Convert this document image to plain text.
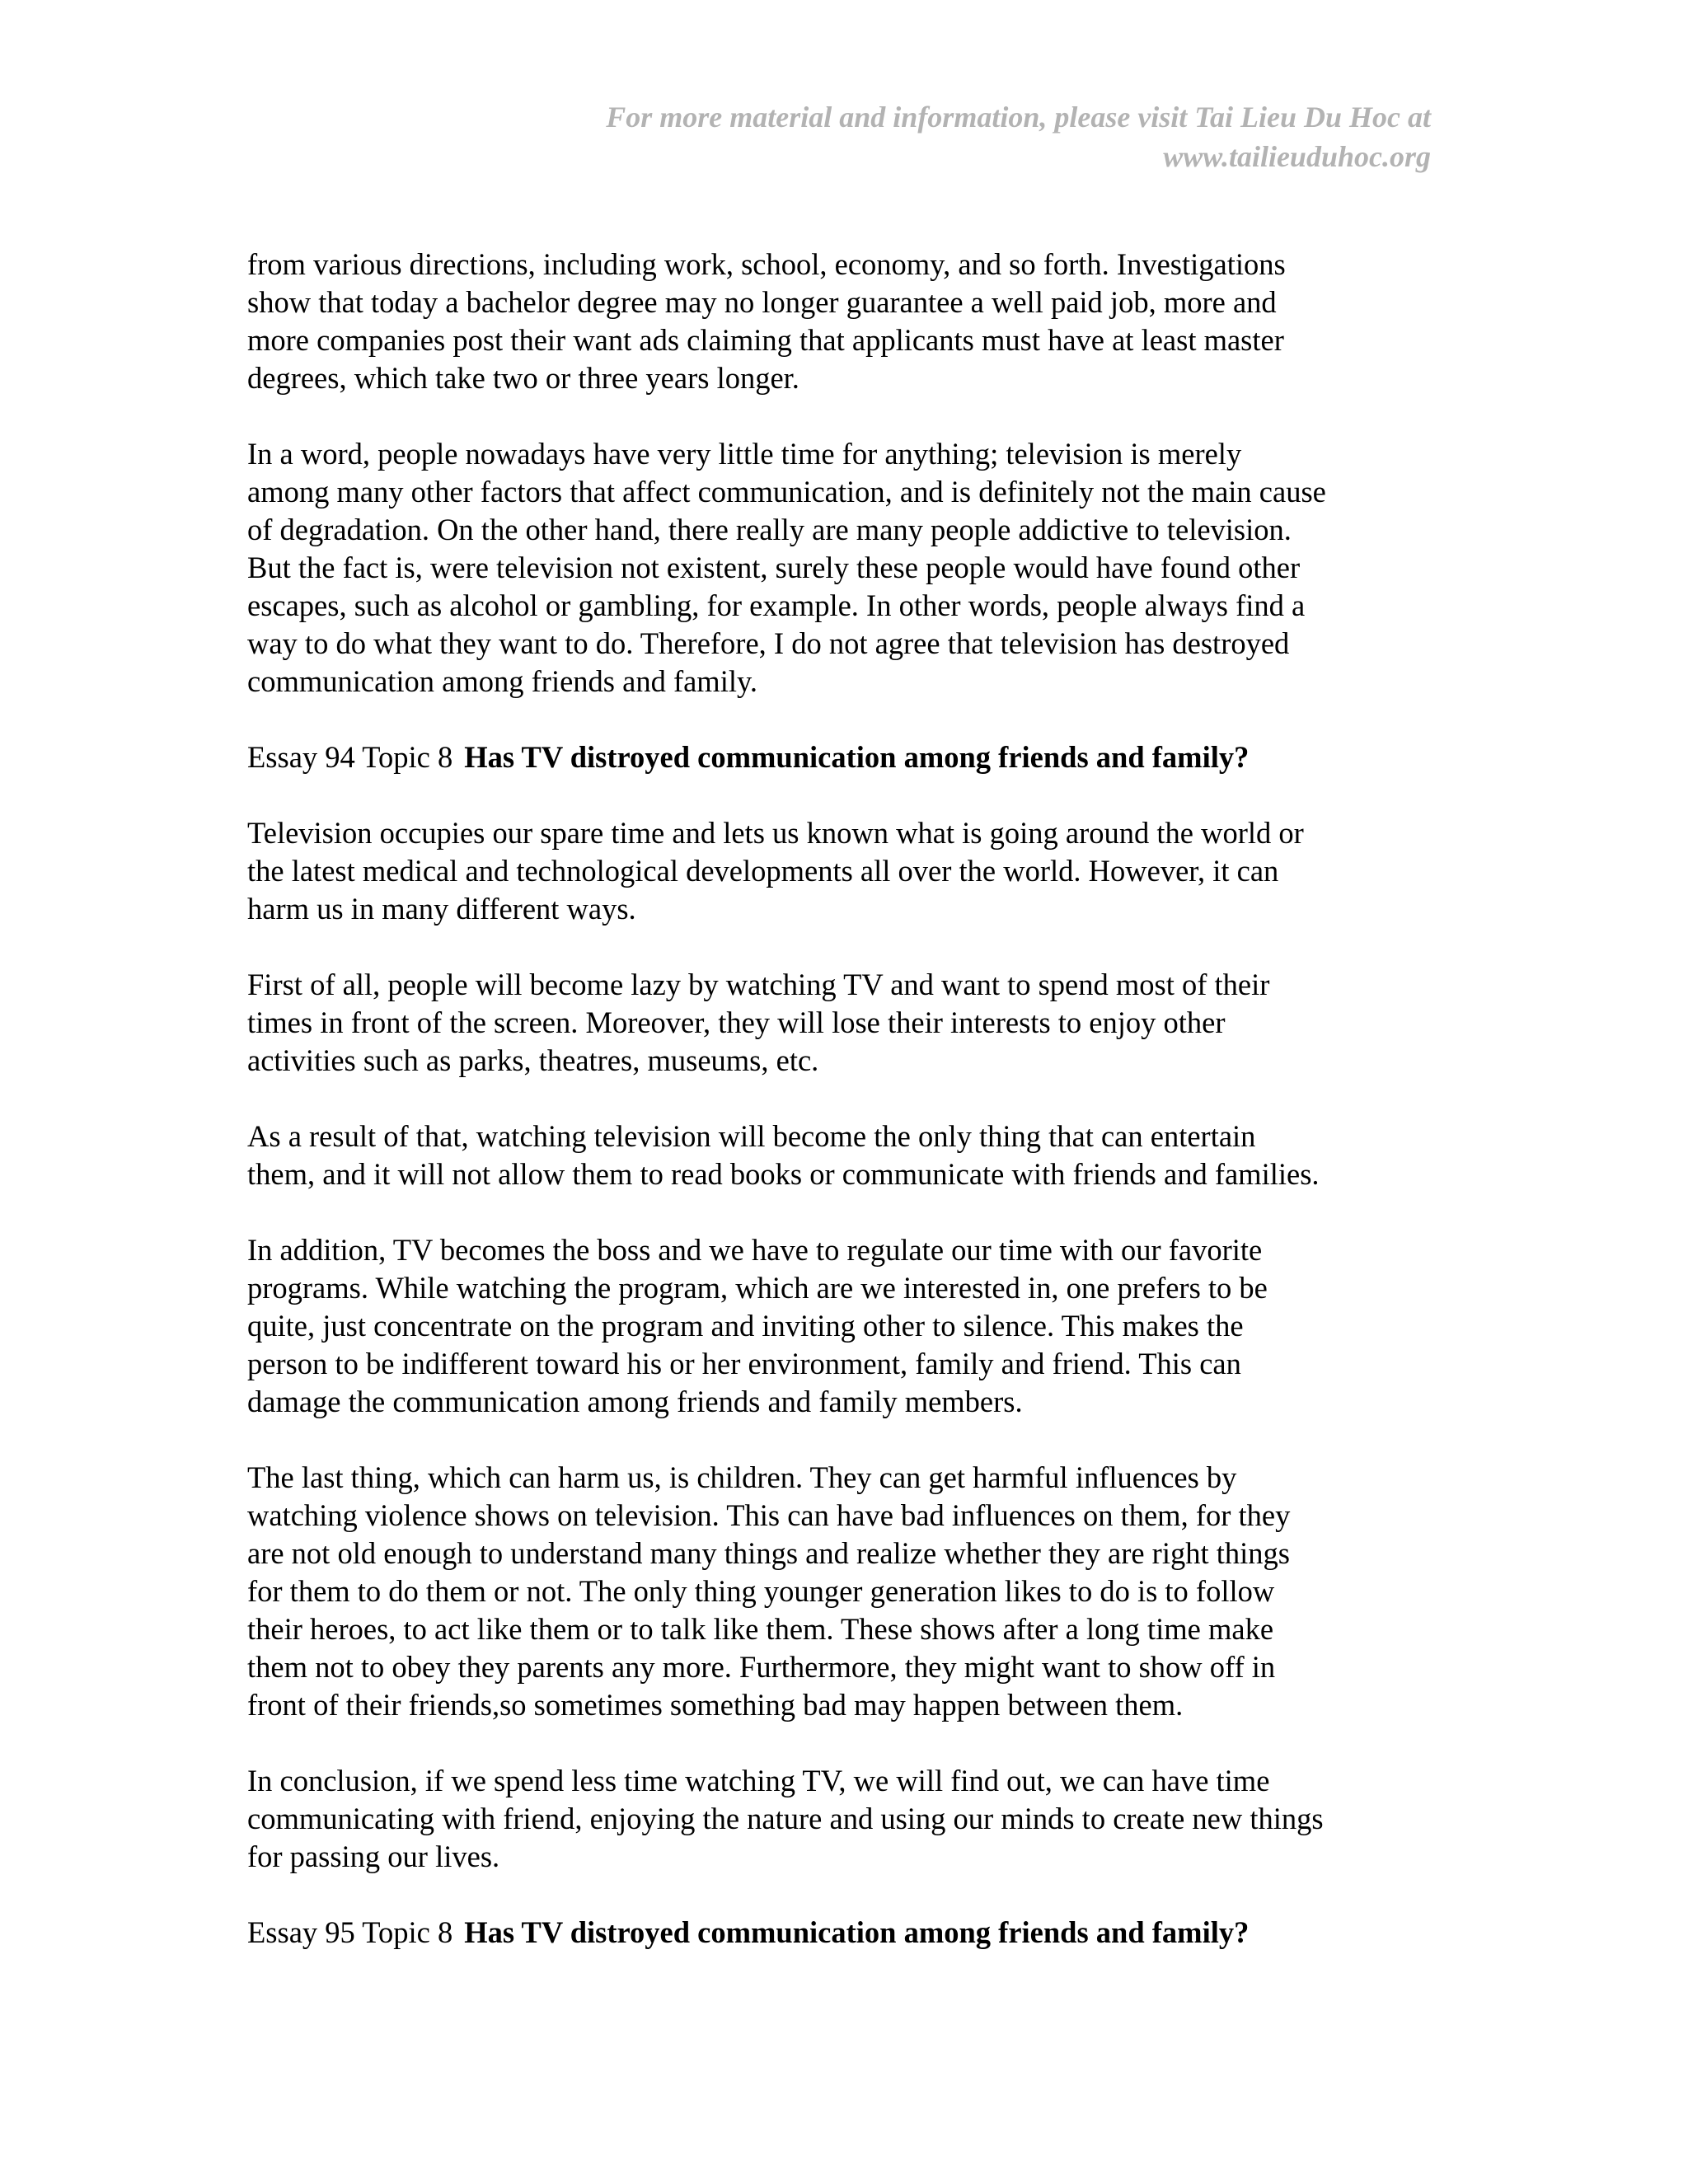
For more material and information, please visit Tai Lieu Du Hoc at
www.tailieuduhoc.org
from various directions, including work, school, economy, and so forth. Investigations
show that today a bachelor degree may no longer guarantee a well paid job, more and
more companies post their want ads claiming that applicants must have at least master
degrees, which take two or three years longer.
In a word, people nowadays have very little time for anything; television is merely
among many other factors that affect communication, and is definitely not the main cause
of degradation. On the other hand, there really are many people addictive to television.
But the fact is, were television not existent, surely these people would have found other
escapes, such as alcohol or gambling, for example. In other words, people always find a
way to do what they want to do. Therefore, I do not agree that television has destroyed
communication among friends and family.
Essay 94 Topic 8 Has TV distroyed communication among friends and family?
Television occupies our spare time and lets us known what is going around the world or
the latest medical and technological developments all over the world. However, it can
harm us in many different ways.
First of all, people will become lazy by watching TV and want to spend most of their
times in front of the screen. Moreover, they will lose their interests to enjoy other
activities such as parks, theatres, museums, etc.
As a result of that, watching television will become the only thing that can entertain
them, and it will not allow them to read books or communicate with friends and families.
In addition, TV becomes the boss and we have to regulate our time with our favorite
programs. While watching the program, which are we interested in, one prefers to be
quite, just concentrate on the program and inviting other to silence. This makes the
person to be indifferent toward his or her environment, family and friend. This can
damage the communication among friends and family members.
The last thing, which can harm us, is children. They can get harmful influences by
watching violence shows on television. This can have bad influences on them, for they
are not old enough to understand many things and realize whether they are right things
for them to do them or not. The only thing younger generation likes to do is to follow
their heroes, to act like them or to talk like them. These shows after a long time make
them not to obey they parents any more. Furthermore, they might want to show off in
front of their friends,so sometimes something bad may happen between them.
In conclusion, if we spend less time watching TV, we will find out, we can have time
communicating with friend, enjoying the nature and using our minds to create new things
for passing our lives.
Essay 95 Topic 8 Has TV distroyed communication among friends and family?
